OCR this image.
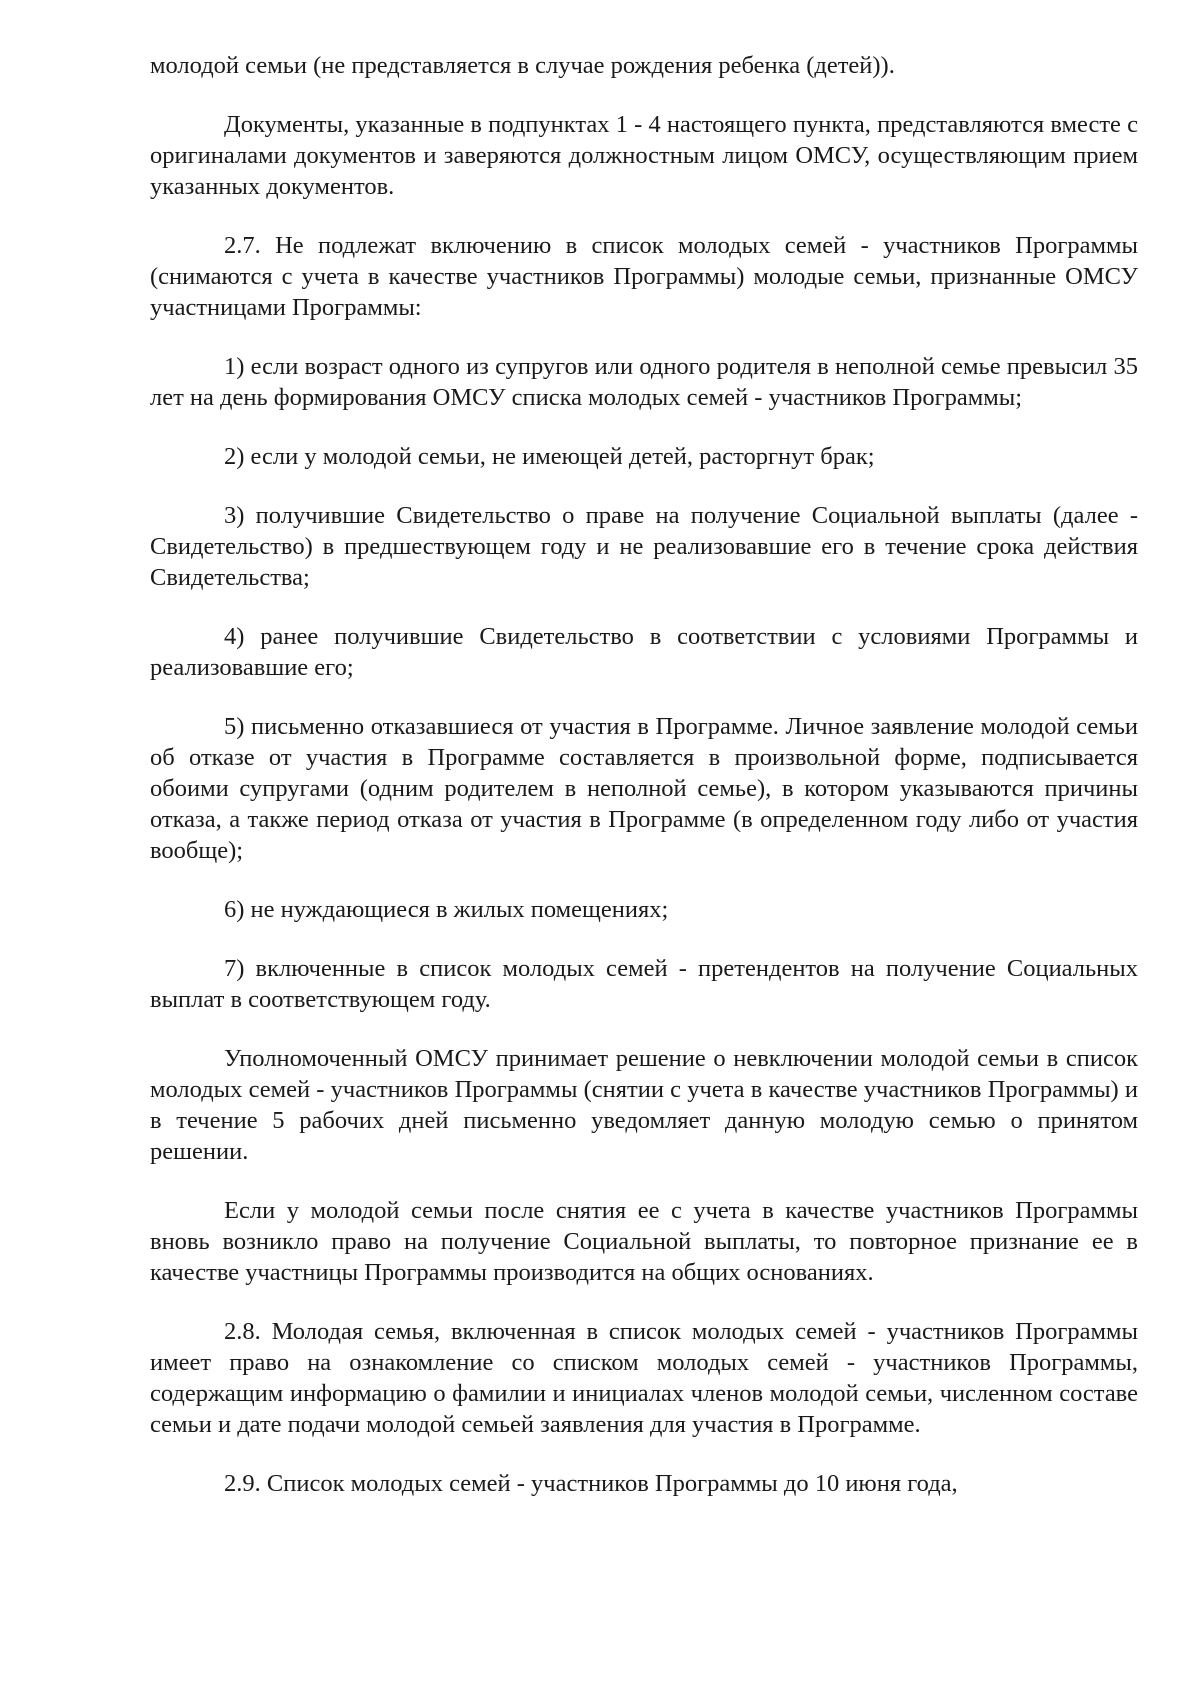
молодой семьи (не представляется в случае рождения ребенка (детей)).

Документы, указанные в подпунктах 1 - 4 настоящего пункта, представляются вместе с оригиналами документов и заверяются должностным лицом ОМСУ, осуществляющим прием указанных документов.

2.7. Не подлежат включению в список молодых семей - участников Программы (снимаются с учета в качестве участников Программы) молодые семьи, признанные ОМСУ участницами Программы:

1) если возраст одного из супругов или одного родителя в неполной семье превысил 35 лет на день формирования ОМСУ списка молодых семей - участников Программы;

2) если у молодой семьи, не имеющей детей, расторгнут брак;

3) получившие Свидетельство о праве на получение Социальной выплаты (далее - Свидетельство) в предшествующем году и не реализовавшие его в течение срока действия Свидетельства;

4) ранее получившие Свидетельство в соответствии с условиями Программы и реализовавшие его;

5) письменно отказавшиеся от участия в Программе. Личное заявление молодой семьи об отказе от участия в Программе составляется в произвольной форме, подписывается обоими супругами (одним родителем в неполной семье), в котором указываются причины отказа, а также период отказа от участия в Программе (в определенном году либо от участия вообще);

6) не нуждающиеся в жилых помещениях;

7) включенные в список молодых семей - претендентов на получение Социальных выплат в соответствующем году.

Уполномоченный ОМСУ принимает решение о невключении молодой семьи в список молодых семей - участников Программы (снятии с учета в качестве участников Программы) и в течение 5 рабочих дней письменно уведомляет данную молодую семью о принятом решении.

Если у молодой семьи после снятия ее с учета в качестве участников Программы вновь возникло право на получение Социальной выплаты, то повторное признание ее в качестве участницы Программы производится на общих основаниях.

2.8. Молодая семья, включенная в список молодых семей - участников Программы имеет право на ознакомление со списком молодых семей - участников Программы, содержащим информацию о фамилии и инициалах членов молодой семьи, численном составе семьи и дате подачи молодой семьей заявления для участия в Программе.

2.9. Список молодых семей - участников Программы до 10 июня года,
